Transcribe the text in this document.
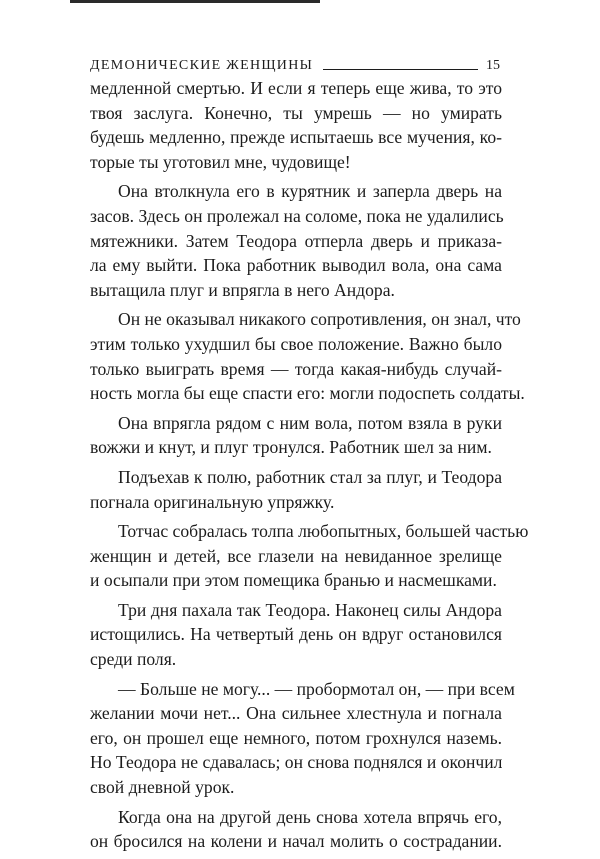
ДЕМОНИЧЕСКИЕ ЖЕНЩИНЫ	15
медленной смертью. И если я теперь еще жива, то это
твоя заслуга. Конечно, ты умрешь — но умирать
будешь медленно, прежде испытаешь все мучения, ко-
торые ты уготовил мне, чудовище!
Она втолкнула его в курятник и заперла дверь на
засов. Здесь он пролежал на соломе, пока не удалились
мятежники. Затем Теодора отперла дверь и приказа-
ла ему выйти. Пока работник выводил вола, она сама
вытащила плуг и впрягла в него Андора.
Он не оказывал никакого сопротивления, он знал, что
этим только ухудшил бы свое положение. Важно было
только выиграть время — тогда какая-нибудь случай-
ность могла бы еще спасти его: могли подоспеть солдаты.
Она впрягла рядом с ним вола, потом взяла в руки
вожжи и кнут, и плуг тронулся. Работник шел за ним.
Подъехав к полю, работник стал за плуг, и Теодора
погнала оригинальную упряжку.
Тотчас собралась толпа любопытных, большей частью
женщин и детей, все глазели на невиданное зрелище
и осыпали при этом помещика бранью и насмешками.
Три дня пахала так Теодора. Наконец силы Андора
истощились. На четвертый день он вдруг остановился
среди поля.
— Больше не могу... — пробормотал он, — при всем
желании мочи нет... Она сильнее хлестнула и погнала
его, он прошел еще немного, потом грохнулся наземь.
Но Теодора не сдавалась; он снова поднялся и окончил
свой дневной урок.
Когда она на другой день снова хотела впрячь его,
он бросился на колени и начал молить о сострадании.
